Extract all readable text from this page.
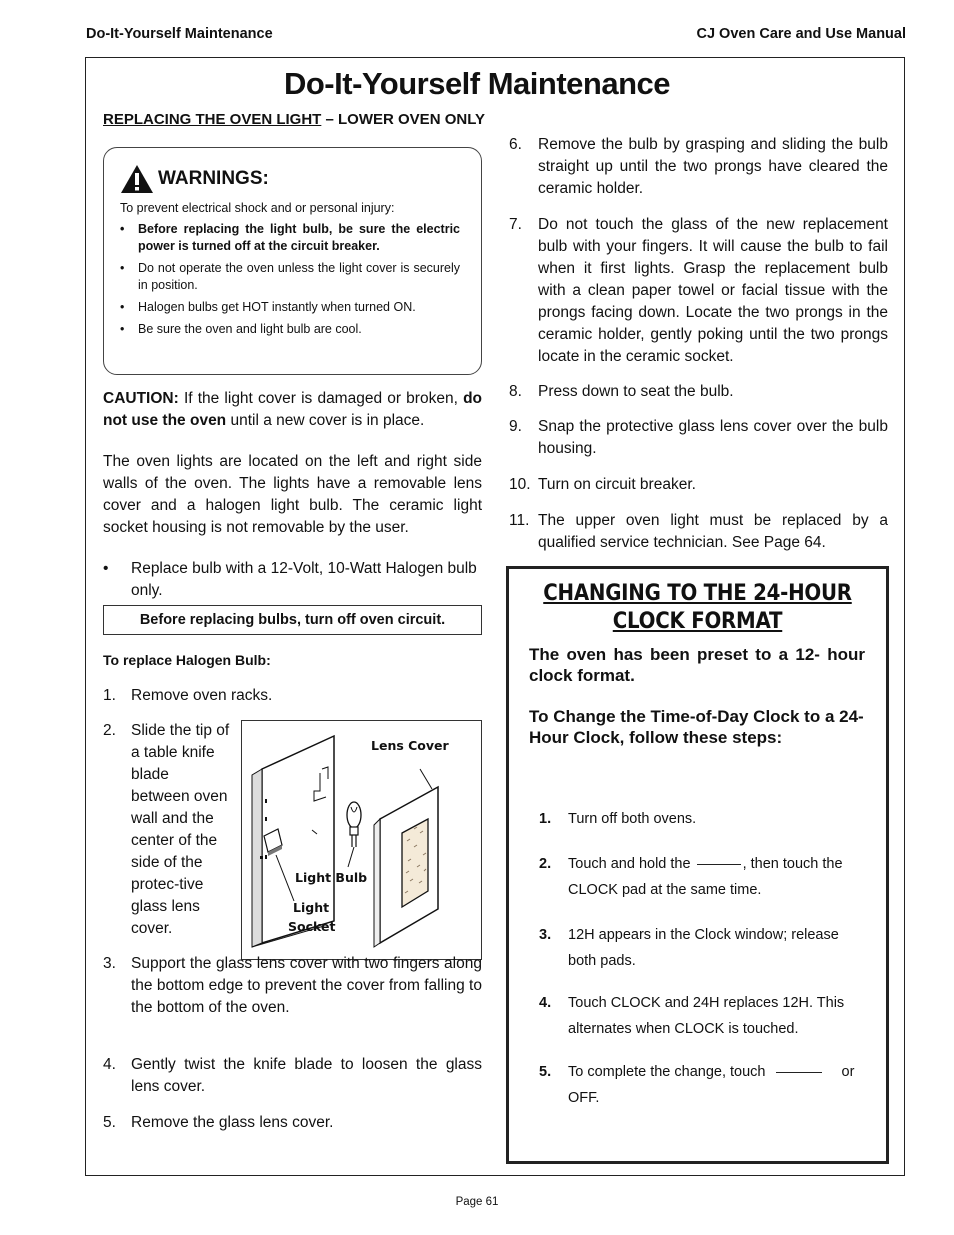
Do-It-Yourself Maintenance	CJ Oven Care and Use Manual
Do-It-Yourself Maintenance
REPLACING THE OVEN LIGHT – LOWER OVEN ONLY
WARNINGS:
To prevent electrical shock and or personal injury:
• Before replacing the light bulb, be sure the electric power is turned off at the circuit breaker.
• Do not operate the oven unless the light cover is securely in position.
• Halogen bulbs get HOT instantly when turned ON.
• Be sure the oven and light bulb are cool.
CAUTION: If the light cover is damaged or broken, do not use the oven until a new cover is in place.
The oven lights are located on the left and right side walls of the oven. The lights have a removable lens cover and a halogen light bulb. The ceramic light socket housing is not removable by the user.
•	Replace bulb with a 12-Volt, 10-Watt Halogen bulb only.
Before replacing bulbs, turn off oven circuit.
To replace Halogen Bulb:
1. Remove oven racks.
2. Slide the tip of a table knife blade between oven wall and the center of the side of the protec-tive glass lens cover.
Lens Cover
Light Bulb
Light
Socket
3. Support the glass lens cover with two fingers along the bottom edge to prevent the cover from falling to the bottom of the oven.
4. Gently twist the knife blade to loosen the glass lens cover.
5. Remove the glass lens cover.
6.	Remove the bulb by grasping and sliding the bulb straight up until the two prongs have cleared the ceramic holder.
7.	Do not touch the glass of the new replacement bulb with your fingers. It will cause the bulb to fail when it first lights. Grasp the replacement bulb with a clean paper towel or facial tissue with the prongs facing down. Locate the two prongs in the ceramic holder, gently poking until the two prongs locate in the ceramic socket.
8.	Press down to seat the bulb.
9.	Snap the protective glass lens cover over the bulb housing.
10. Turn on circuit breaker.
11. The upper oven light must be replaced by a qualified service technician. See Page 64.
CHANGING TO THE 24-HOUR
CLOCK FORMAT
The oven has been preset to a 12- hour clock format.
To Change the Time-of-Day Clock to a 24-Hour Clock, follow these steps:
1.	Turn off both ovens.
2.	Touch and hold the	, then touch the CLOCK pad at the same time.
3.	12H appears in the Clock window; release both pads.
4.	Touch CLOCK and 24H replaces 12H. This alternates when CLOCK is touched.
5.	To complete the change, touch	or OFF.
Page 61
